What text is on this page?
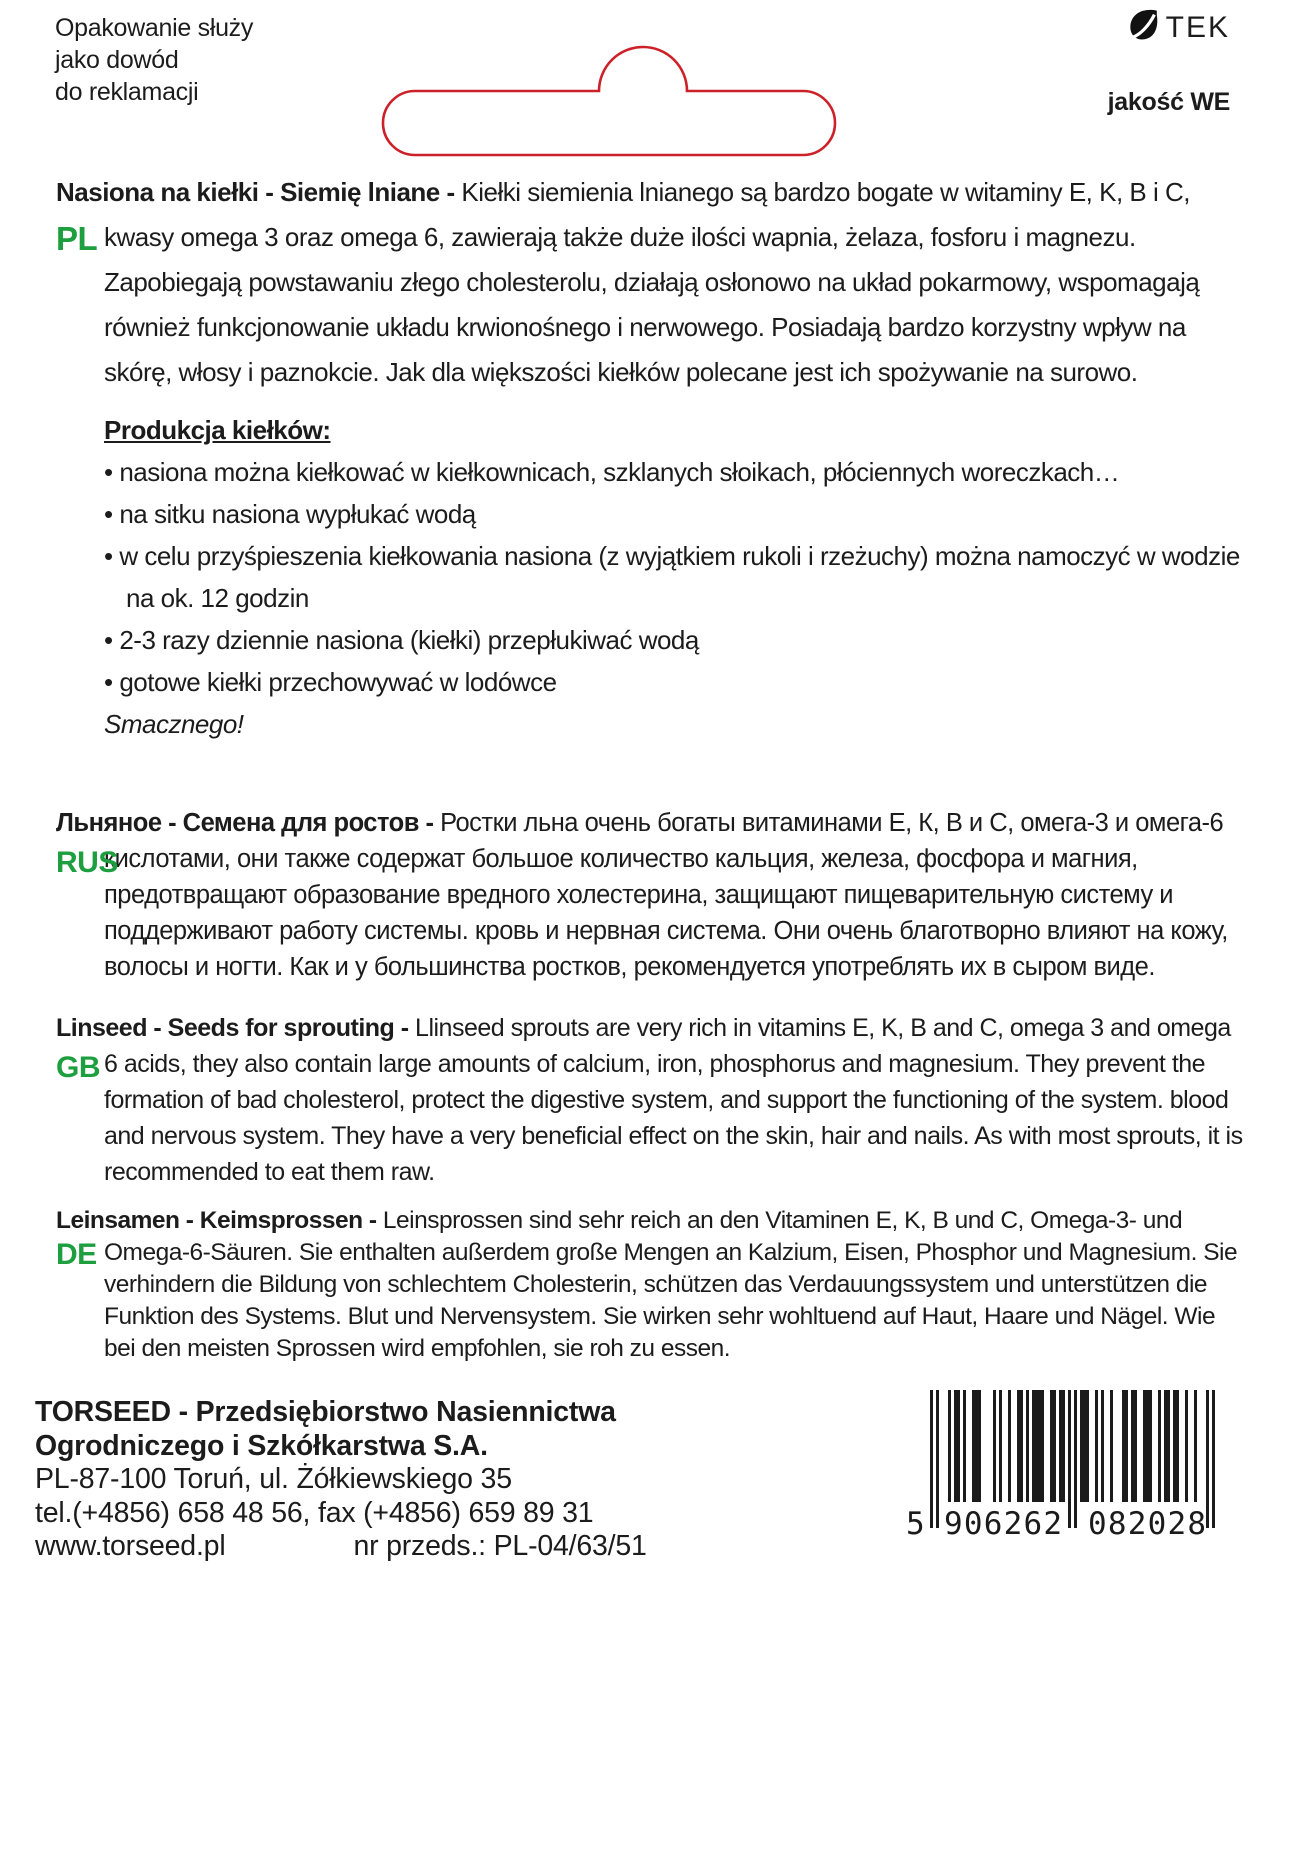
Opakowanie służy
jako dowód
do reklamacji
TEK
jakość WE
PL

Nasiona na kiełki - Siemię lniane - Kiełki siemienia lnianego są bardzo bogate w witaminy E, K, B i C, kwasy omega 3 oraz omega 6, zawierają także duże ilości wapnia, żelaza, fosforu i magnezu. Zapobiegają powstawaniu złego cholesterolu, działają osłonowo na układ pokarmowy, wspomagają również funkcjonowanie układu krwionośnego i nerwowego. Posiadają bardzo korzystny wpływ na skórę, włosy i paznokcie. Jak dla większości kiełków polecane jest ich spożywanie na surowo.

Produkcja kiełków:
• nasiona można kiełkować w kiełkownicach, szklanych słoikach, płóciennych woreczkach…
• na sitku nasiona wypłukać wodą
• w celu przyśpieszenia kiełkowania nasiona (z wyjątkiem rukoli i rzeżuchy) można namoczyć w wodzie na ok. 12 godzin
• 2-3 razy dziennie nasiona (kiełki) przepłukiwać wodą
• gotowe kiełki przechowywać w lodówce
Smacznego!
RUS

Льняное - Семена для ростов - Ростки льна очень богаты витаминами Е, К, В и С, омега-3 и омега-6 кислотами, они также содержат большое количество кальция, железа, фосфора и магния, предотвращают образование вредного холестерина, защищают пищеварительную систему и поддерживают работу системы. кровь и нервная система. Они очень благотворно влияют на кожу, волосы и ногти. Как и у большинства ростков, рекомендуется употреблять их в сыром виде.

GB

Linseed - Seeds for sprouting - Llinseed sprouts are very rich in vitamins E, K, B and C, omega 3 and omega 6 acids, they also contain large amounts of calcium, iron, phosphorus and magnesium. They prevent the formation of bad cholesterol, protect the digestive system, and support the functioning of the system. blood and nervous system. They have a very beneficial effect on the skin, hair and nails. As with most sprouts, it is recommended to eat them raw.

DE

Leinsamen - Keimsprossen - Leinsprossen sind sehr reich an den Vitaminen E, K, B und C, Omega-3- und Omega-6-Säuren. Sie enthalten außerdem große Mengen an Kalzium, Eisen, Phosphor und Magnesium. Sie verhindern die Bildung von schlechtem Cholesterin, schützen das Verdauungssystem und unterstützen die Funktion des Systems. Blut und Nervensystem. Sie wirken sehr wohltuend auf Haut, Haare und Nägel. Wie bei den meisten Sprossen wird empfohlen, sie roh zu essen.

TORSEED - Przedsiębiorstwo Nasiennictwa
Ogrodniczego i Szkółkarstwa S.A.
PL-87-100 Toruń, ul. Żółkiewskiego 35
tel.(+4856) 658 48 56, fax (+4856) 659 89 31
www.torseed.pl	nr przeds.: PL-04/63/51
5 906262 082028
